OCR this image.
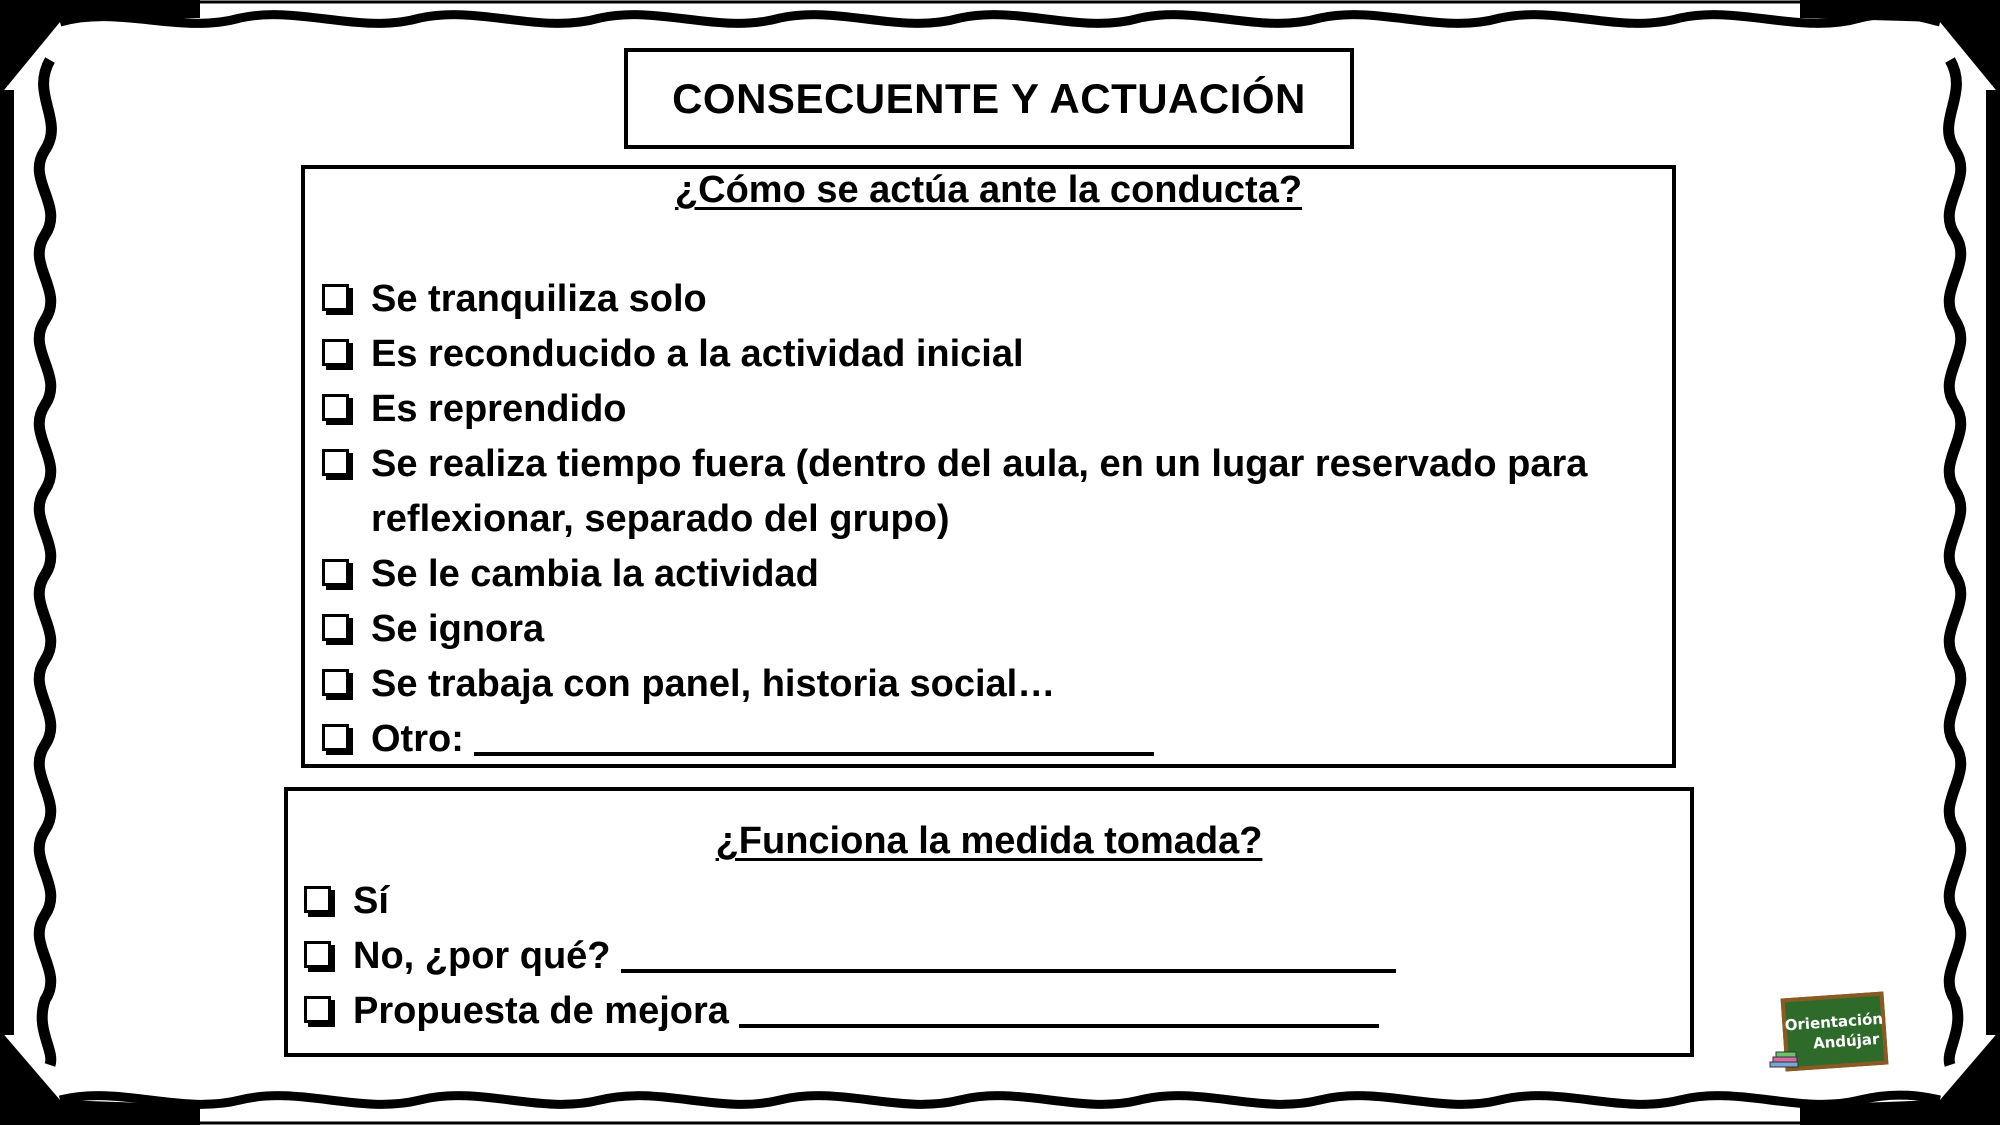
CONSECUENTE Y ACTUACIÓN
¿Cómo se actúa ante la conducta?
Se tranquiliza solo
Es reconducido a la actividad inicial
Es reprendido
Se realiza tiempo fuera (dentro del aula, en un lugar reservado para reflexionar, separado del grupo)
Se le cambia la actividad
Se ignora
Se trabaja con panel, historia social…
Otro:
¿Funciona la medida tomada?
Sí
No, ¿por qué?
Propuesta de mejora	Orientación
Andújar
